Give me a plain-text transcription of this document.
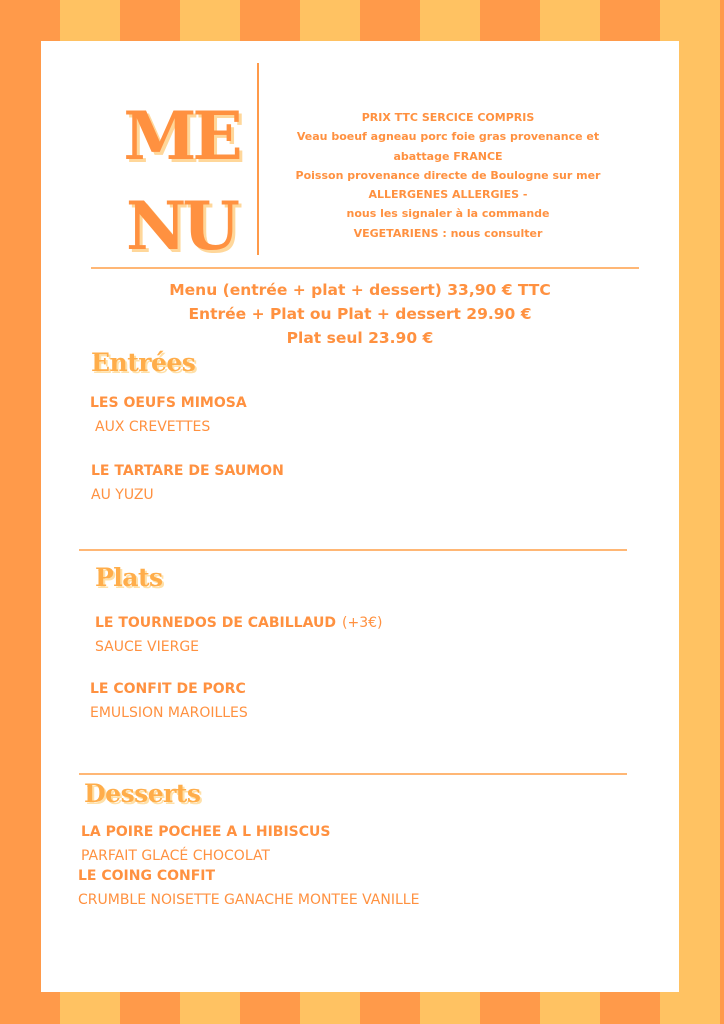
ME
NU
PRIX TTC SERCICE COMPRIS
Veau boeuf agneau porc foie gras provenance et
abattage FRANCE
Poisson provenance directe de Boulogne sur mer
ALLERGENES ALLERGIES -
nous les signaler à la commande
VEGETARIENS : nous consulter
Menu (entrée + plat + dessert) 33,90 € TTC
Entrée + Plat ou Plat + dessert 29.90 €
Plat seul 23.90 €
Entrées
LES OEUFS MIMOSA
AUX CREVETTES
LE TARTARE DE SAUMON
AU YUZU
Plats
LE TOURNEDOS DE CABILLAUD (+3€)
SAUCE VIERGE
LE CONFIT DE PORC
EMULSION MAROILLES
Desserts
LA POIRE POCHEE A L HIBISCUS
PARFAIT GLACÉ CHOCOLAT
LE COING CONFIT
CRUMBLE NOISETTE GANACHE MONTEE VANILLE
